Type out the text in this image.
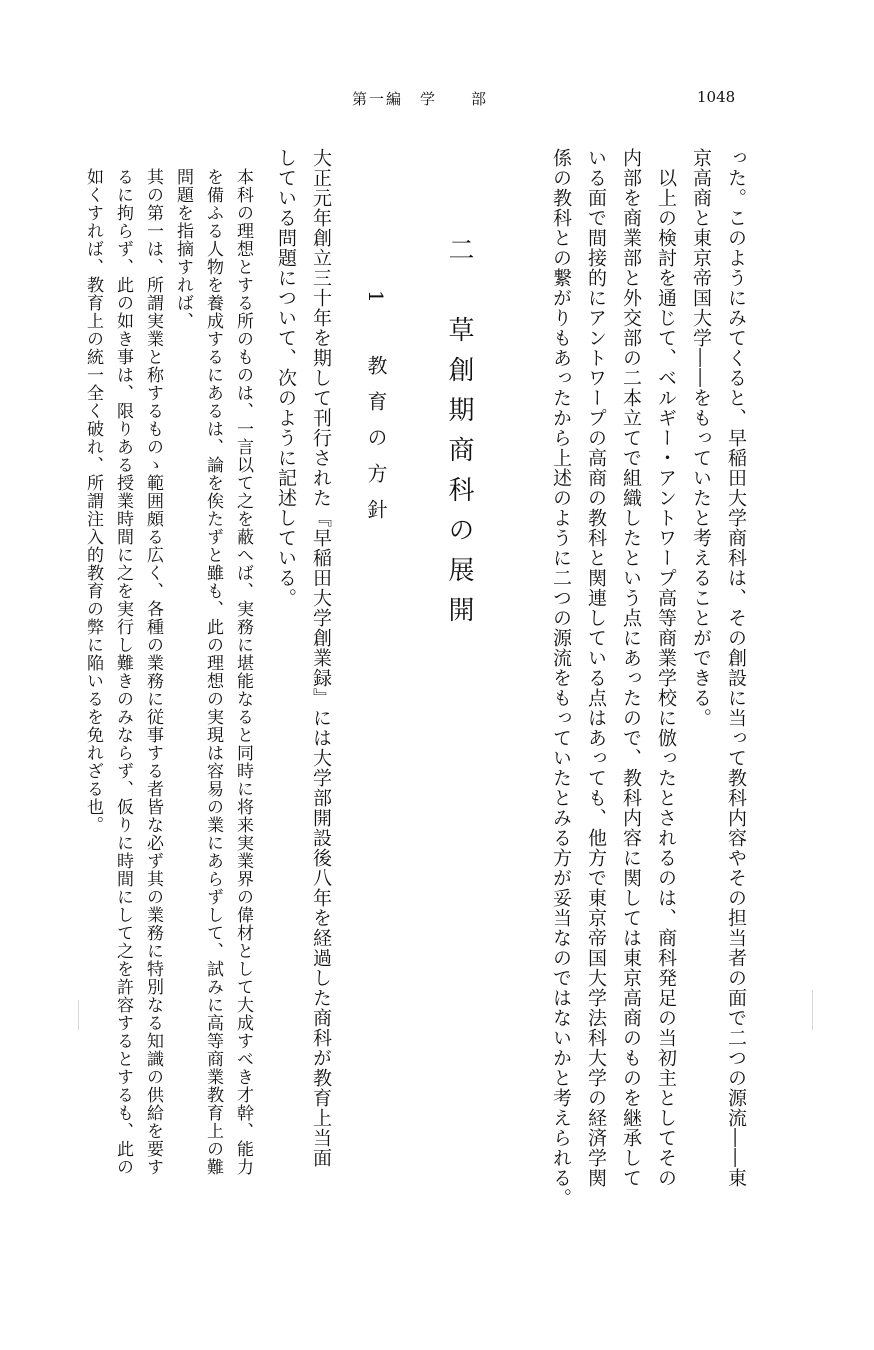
第一編　学　　部	1048
った。このようにみてくると、早稲田大学商科は、その創設に当って教科内容やその担当者の面で二つの源流――東
京高商と東京帝国大学――をもっていたと考えることができる。
以上の検討を通じて、ベルギー・アントワープ高等商業学校に倣ったとされるのは、商科発足の当初主としてその
内部を商業部と外交部の二本立てで組織したという点にあったので、教科内容に関しては東京高商のものを継承して
いる面で間接的にアントワープの高商の教科と関連している点はあっても、他方で東京帝国大学法科大学の経済学関
係の教科との繋がりもあったから上述のように二つの源流をもっていたとみる方が妥当なのではないかと考えられる。
二　草創期商科の展開
1　教育の方針
大正元年創立三十年を期して刊行された『早稲田大学創業録』には大学部開設後八年を経過した商科が教育上当面
している問題について、次のように記述している。
本科の理想とする所のものは、一言以て之を蔽へば、実務に堪能なると同時に将来実業界の偉材として大成すべき才幹、能力
を備ふる人物を養成するにあるは、論を俟たずと雖も、此の理想の実現は容易の業にあらずして、試みに高等商業教育上の難
問題を指摘すれば、
其の第一は、所謂実業と称するものゝ範囲頗る広く、各種の業務に従事する者皆な必ず其の業務に特別なる知識の供給を要す
るに拘らず、此の如き事は、限りある授業時間に之を実行し難きのみならず、仮りに時間にして之を許容するとするも、此の
如くすれば、教育上の統一全く破れ、所謂注入的教育の弊に陥いるを免れざる也。
